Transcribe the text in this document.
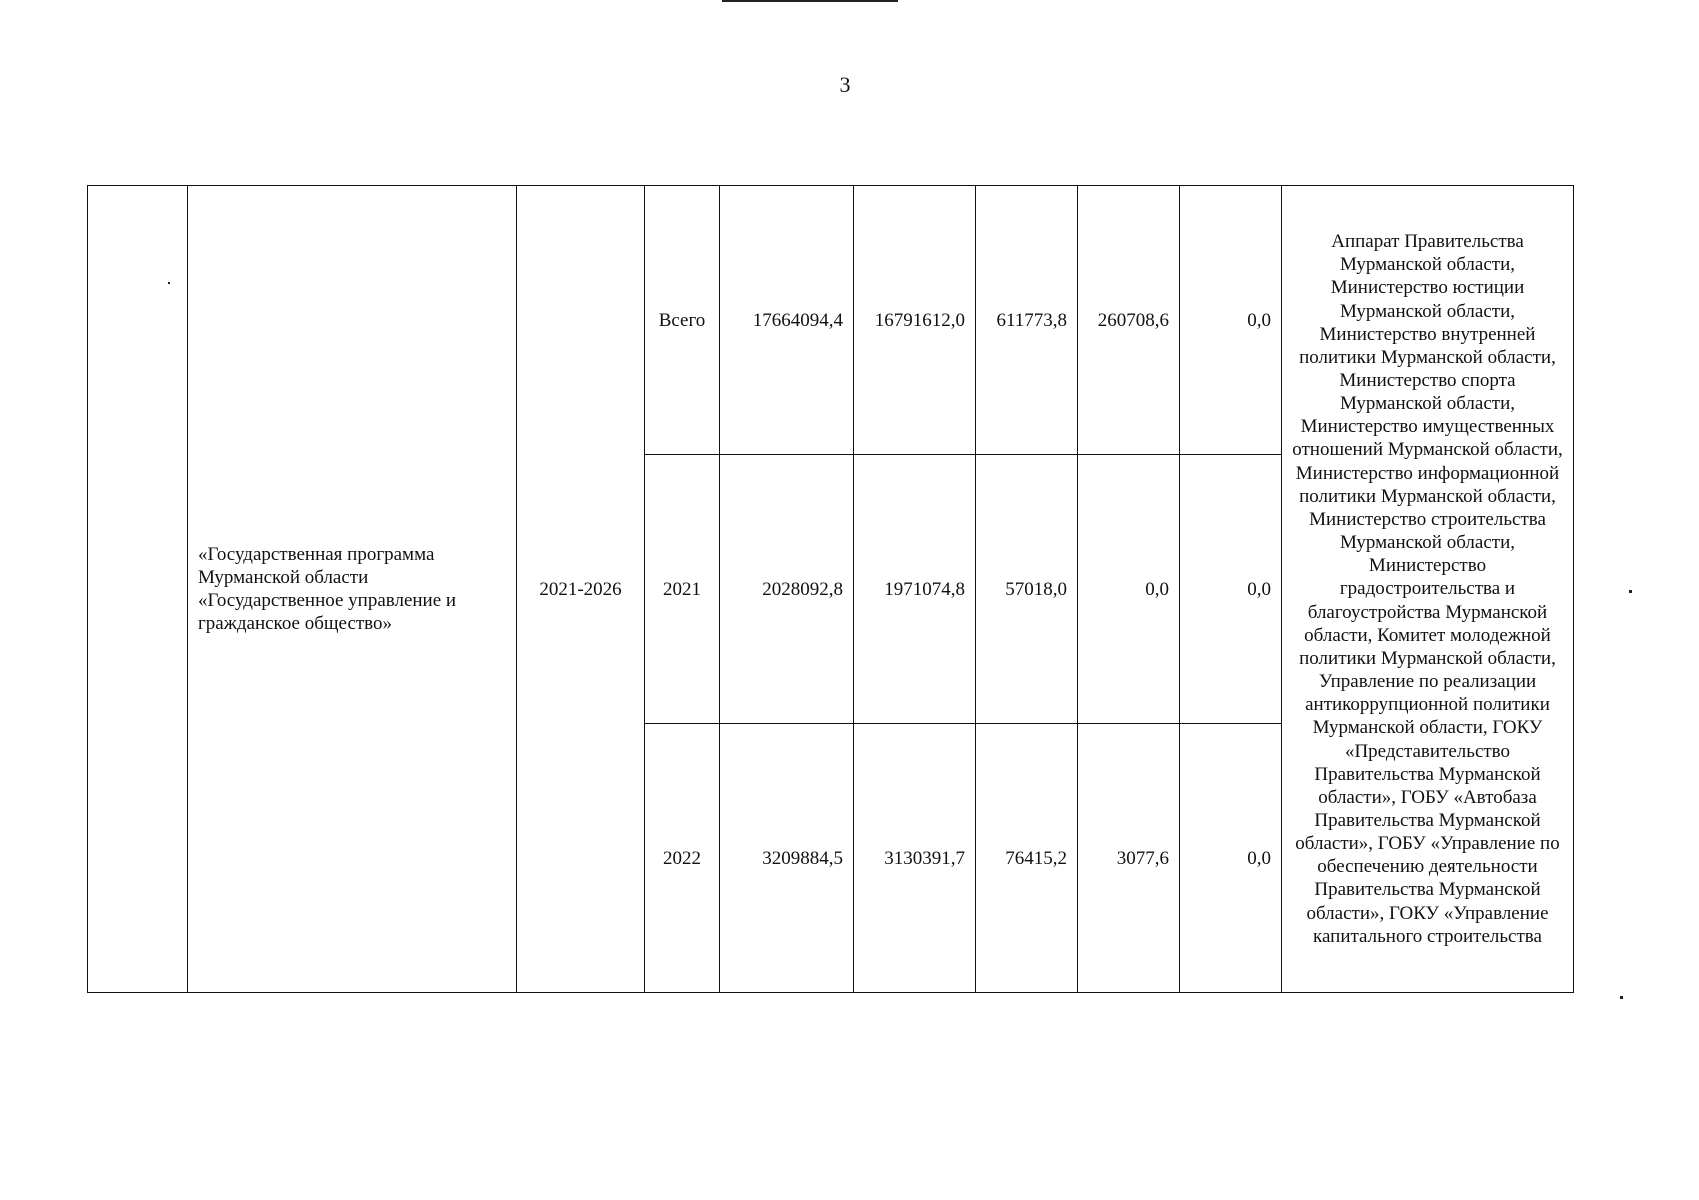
3
	«Государственная программа Мурманской области «Государственное управление и гражданское общество»	2021-2026	Всего	17664094,4	16791612,0	611773,8	260708,6	0,0	Аппарат Правительства Мурманской области, Министерство юстиции Мурманской области, Министерство внутренней политики Мурманской области, Министерство спорта Мурманской области, Министерство имущественных отношений Мурманской области, Министерство информационной политики Мурманской области, Министерство строительства Мурманской области, Министерство градостроительства и благоустройства Мурманской области, Комитет молодежной политики Мурманской области, Управление по реализации антикоррупционной политики Мурманской области, ГОКУ «Представительство Правительства Мурманской области», ГОБУ «Автобаза Правительства Мурманской области», ГОБУ «Управление по обеспечению деятельности Правительства Мурманской области», ГОКУ «Управление капитального строительства
			2021	2028092,8	1971074,8	57018,0	0,0	0,0	
			2022	3209884,5	3130391,7	76415,2	3077,6	0,0	
